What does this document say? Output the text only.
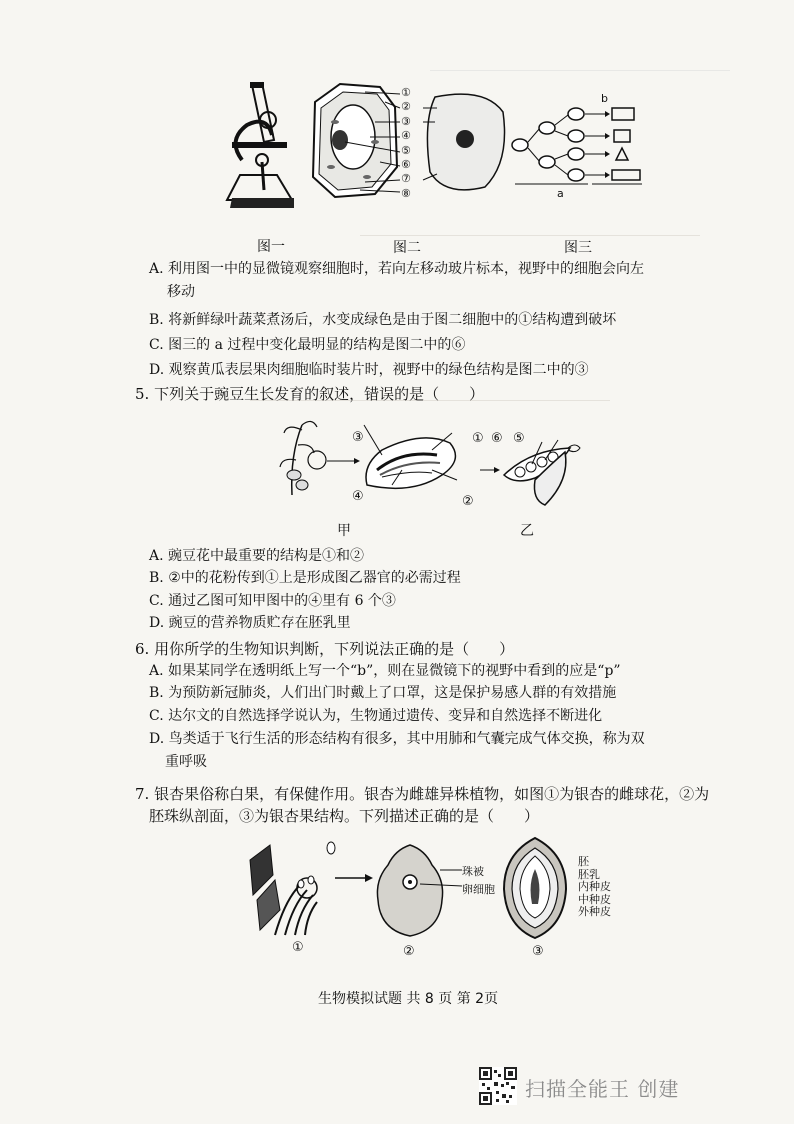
①
②
③
④
⑤
⑥
⑦
⑧	a
b
图一	图二	图三
A. 利用图一中的显微镜观察细胞时，若向左移动玻片标本，视野中的细胞会向左
移动
B. 将新鲜绿叶蔬菜煮汤后，水变成绿色是由于图二细胞中的①结构遭到破坏
C. 图三的 a 过程中变化最明显的结构是图二中的⑥
D. 观察黄瓜表层果肉细胞临时装片时，视野中的绿色结构是图二中的③
5. 下列关于豌豆生长发育的叙述，错误的是（　　）
③	① ⑥ ⑤
④	②
甲	乙
A. 豌豆花中最重要的结构是①和②
B. ②中的花粉传到①上是形成图乙器官的必需过程
C. 通过乙图可知甲图中的④里有 6 个③
D. 豌豆的营养物质贮存在胚乳里
6. 用你所学的生物知识判断，下列说法正确的是（　　）
A. 如果某同学在透明纸上写一个“b”，则在显微镜下的视野中看到的应是“p”
B. 为预防新冠肺炎，人们出门时戴上了口罩，这是保护易感人群的有效措施
C. 达尔文的自然选择学说认为，生物通过遗传、变异和自然选择不断进化
D. 鸟类适于飞行生活的形态结构有很多，其中用肺和气囊完成气体交换，称为双
重呼吸
7. 银杏果俗称白果，有保健作用。银杏为雌雄异株植物，如图①为银杏的雌球花，②为
胚珠纵剖面，③为银杏果结构。下列描述正确的是（　　）
珠被
卵细胞
胚
胚乳
内种皮
中种皮
外种皮
①	②	③
生物模拟试题 共 8 页 第 2页
扫描全能王 创建
